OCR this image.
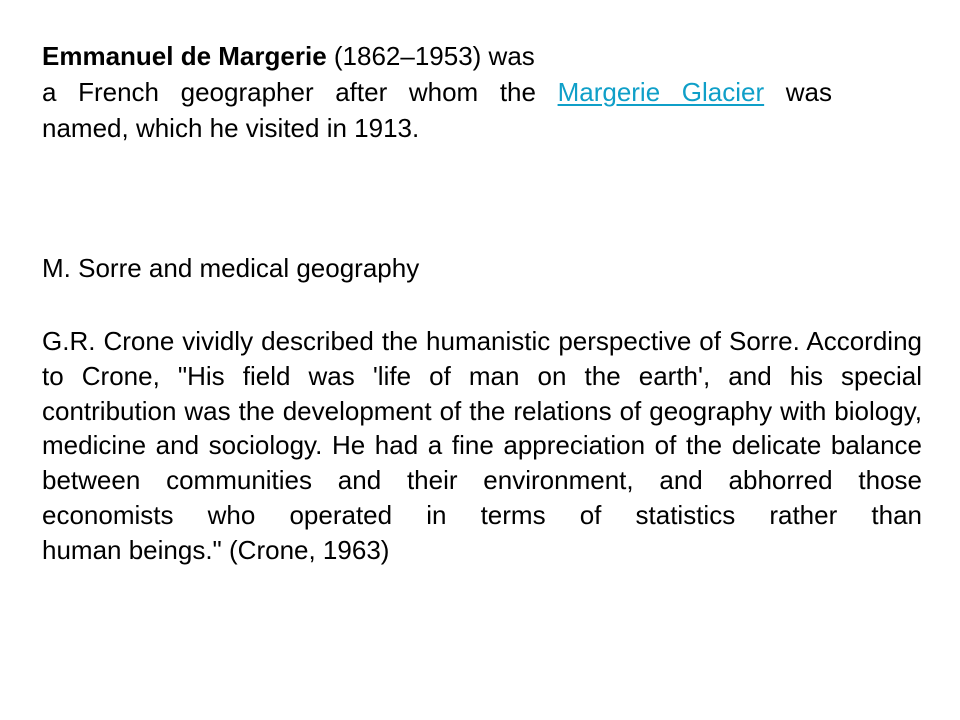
Emmanuel de Margerie (1862–1953) was
a French geographer after whom the Margerie Glacier was
named, which he visited in 1913.

M. Sorre and medical geography

G.R. Crone vividly described the humanistic perspective of Sorre. According to Crone, "His field was 'life of man on the earth', and his special contribution was the development of the relations of geography with biology, medicine and sociology. He had a fine appreciation of the delicate balance between communities and their environment, and abhorred those economists who operated in terms of statistics rather than human beings." (Crone, 1963)
